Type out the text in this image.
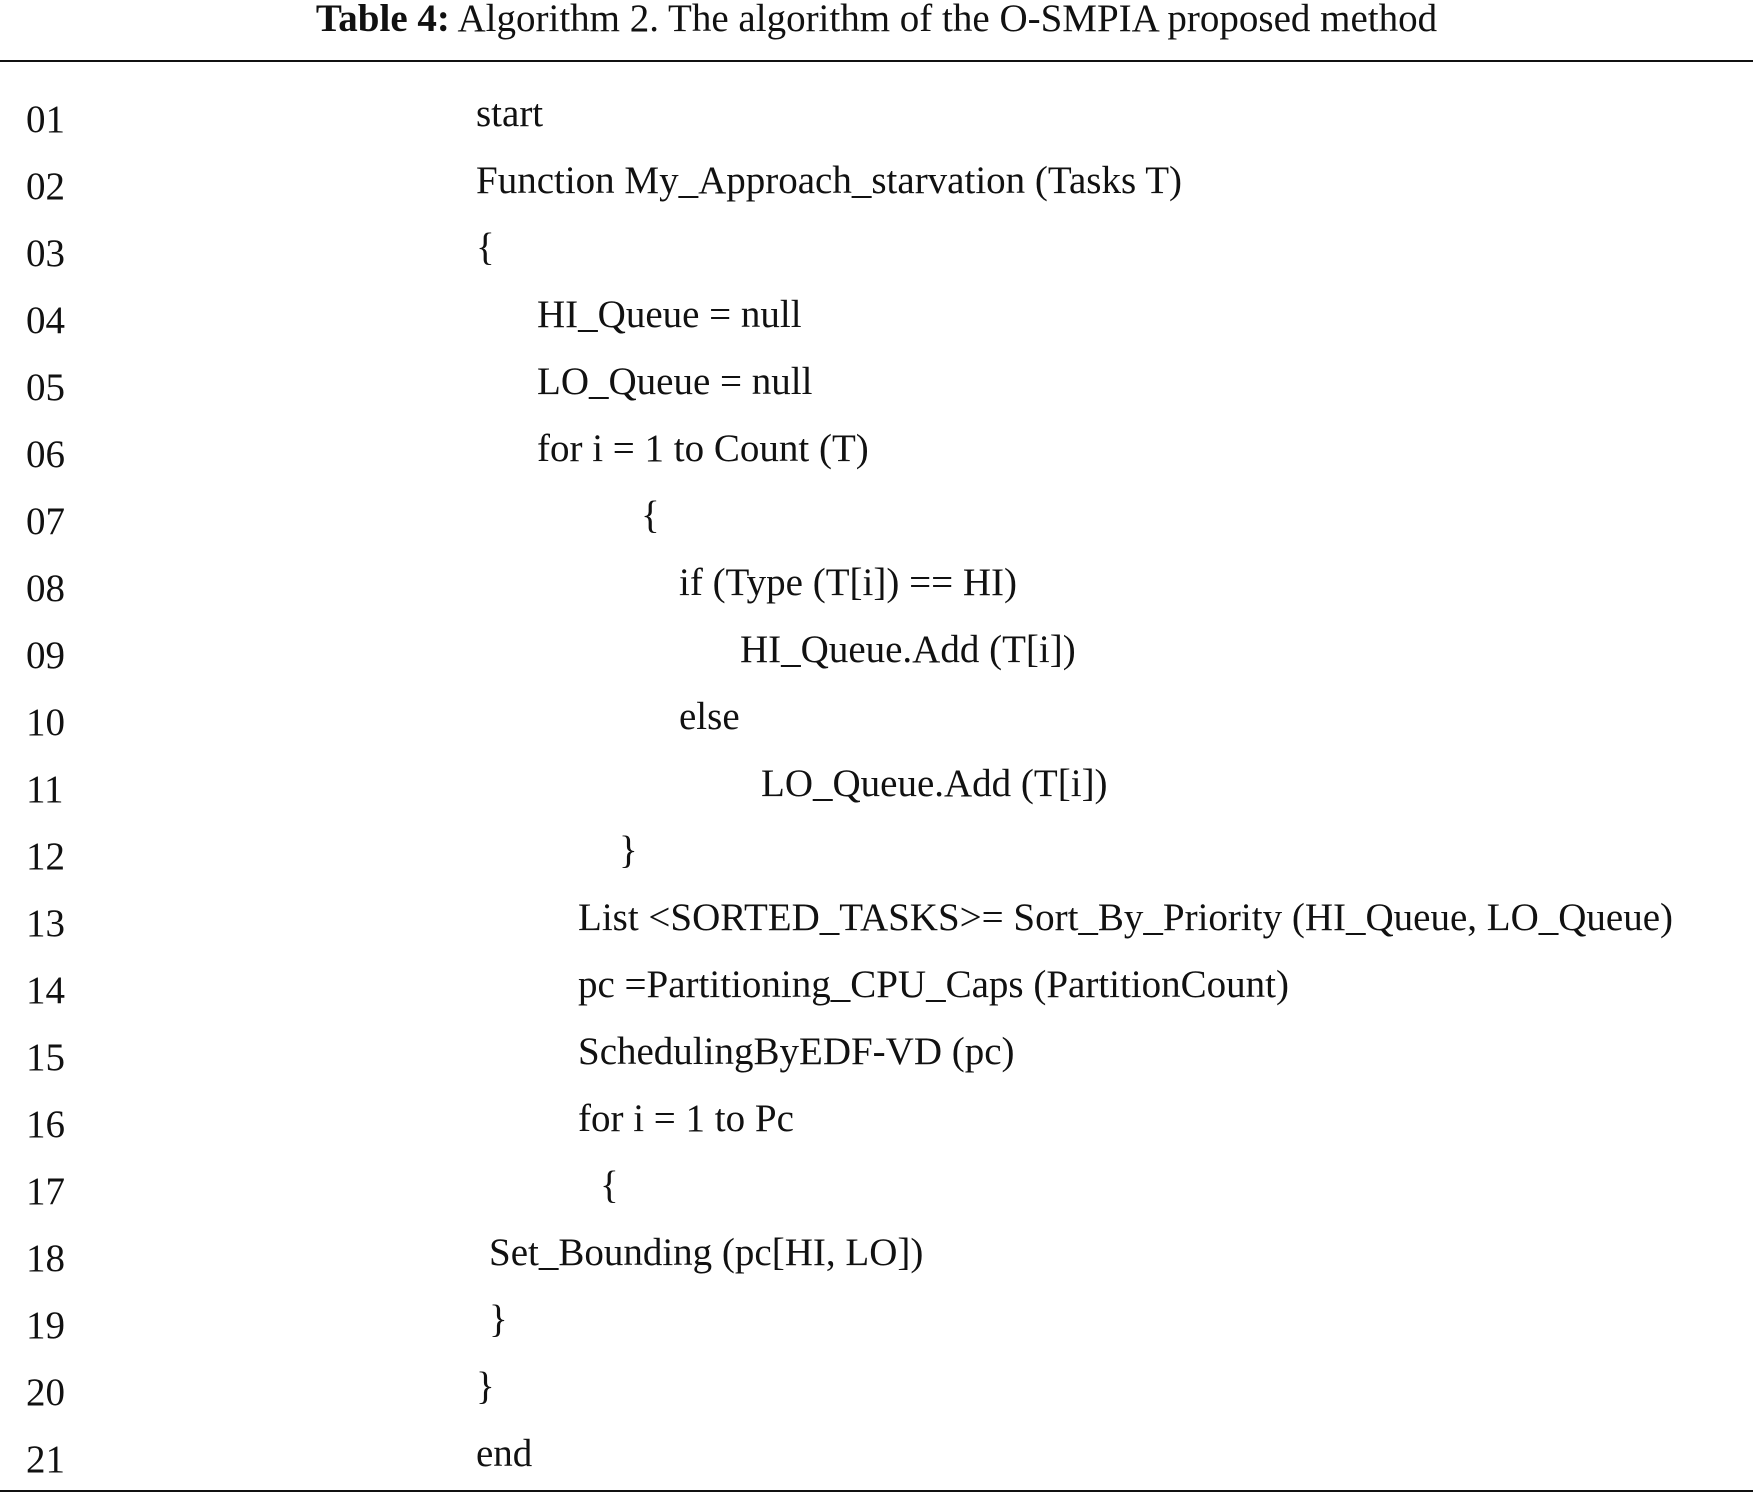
Table 4: Algorithm 2. The algorithm of the O-SMPIA proposed method
01	start
02	Function My_Approach_starvation (Tasks T)
03	{
04	HI_Queue = null
05	LO_Queue = null
06	for i = 1 to Count (T)
07	{
08	if (Type (T[i]) == HI)
09	HI_Queue.Add (T[i])
10	else
11	LO_Queue.Add (T[i])
12	}
13	List <SORTED_TASKS>= Sort_By_Priority (HI_Queue, LO_Queue)
14	pc =Partitioning_CPU_Caps (PartitionCount)
15	SchedulingByEDF-VD (pc)
16	for i = 1 to Pc
17	{
18	Set_Bounding (pc[HI, LO])
19	}
20	}
21	end
